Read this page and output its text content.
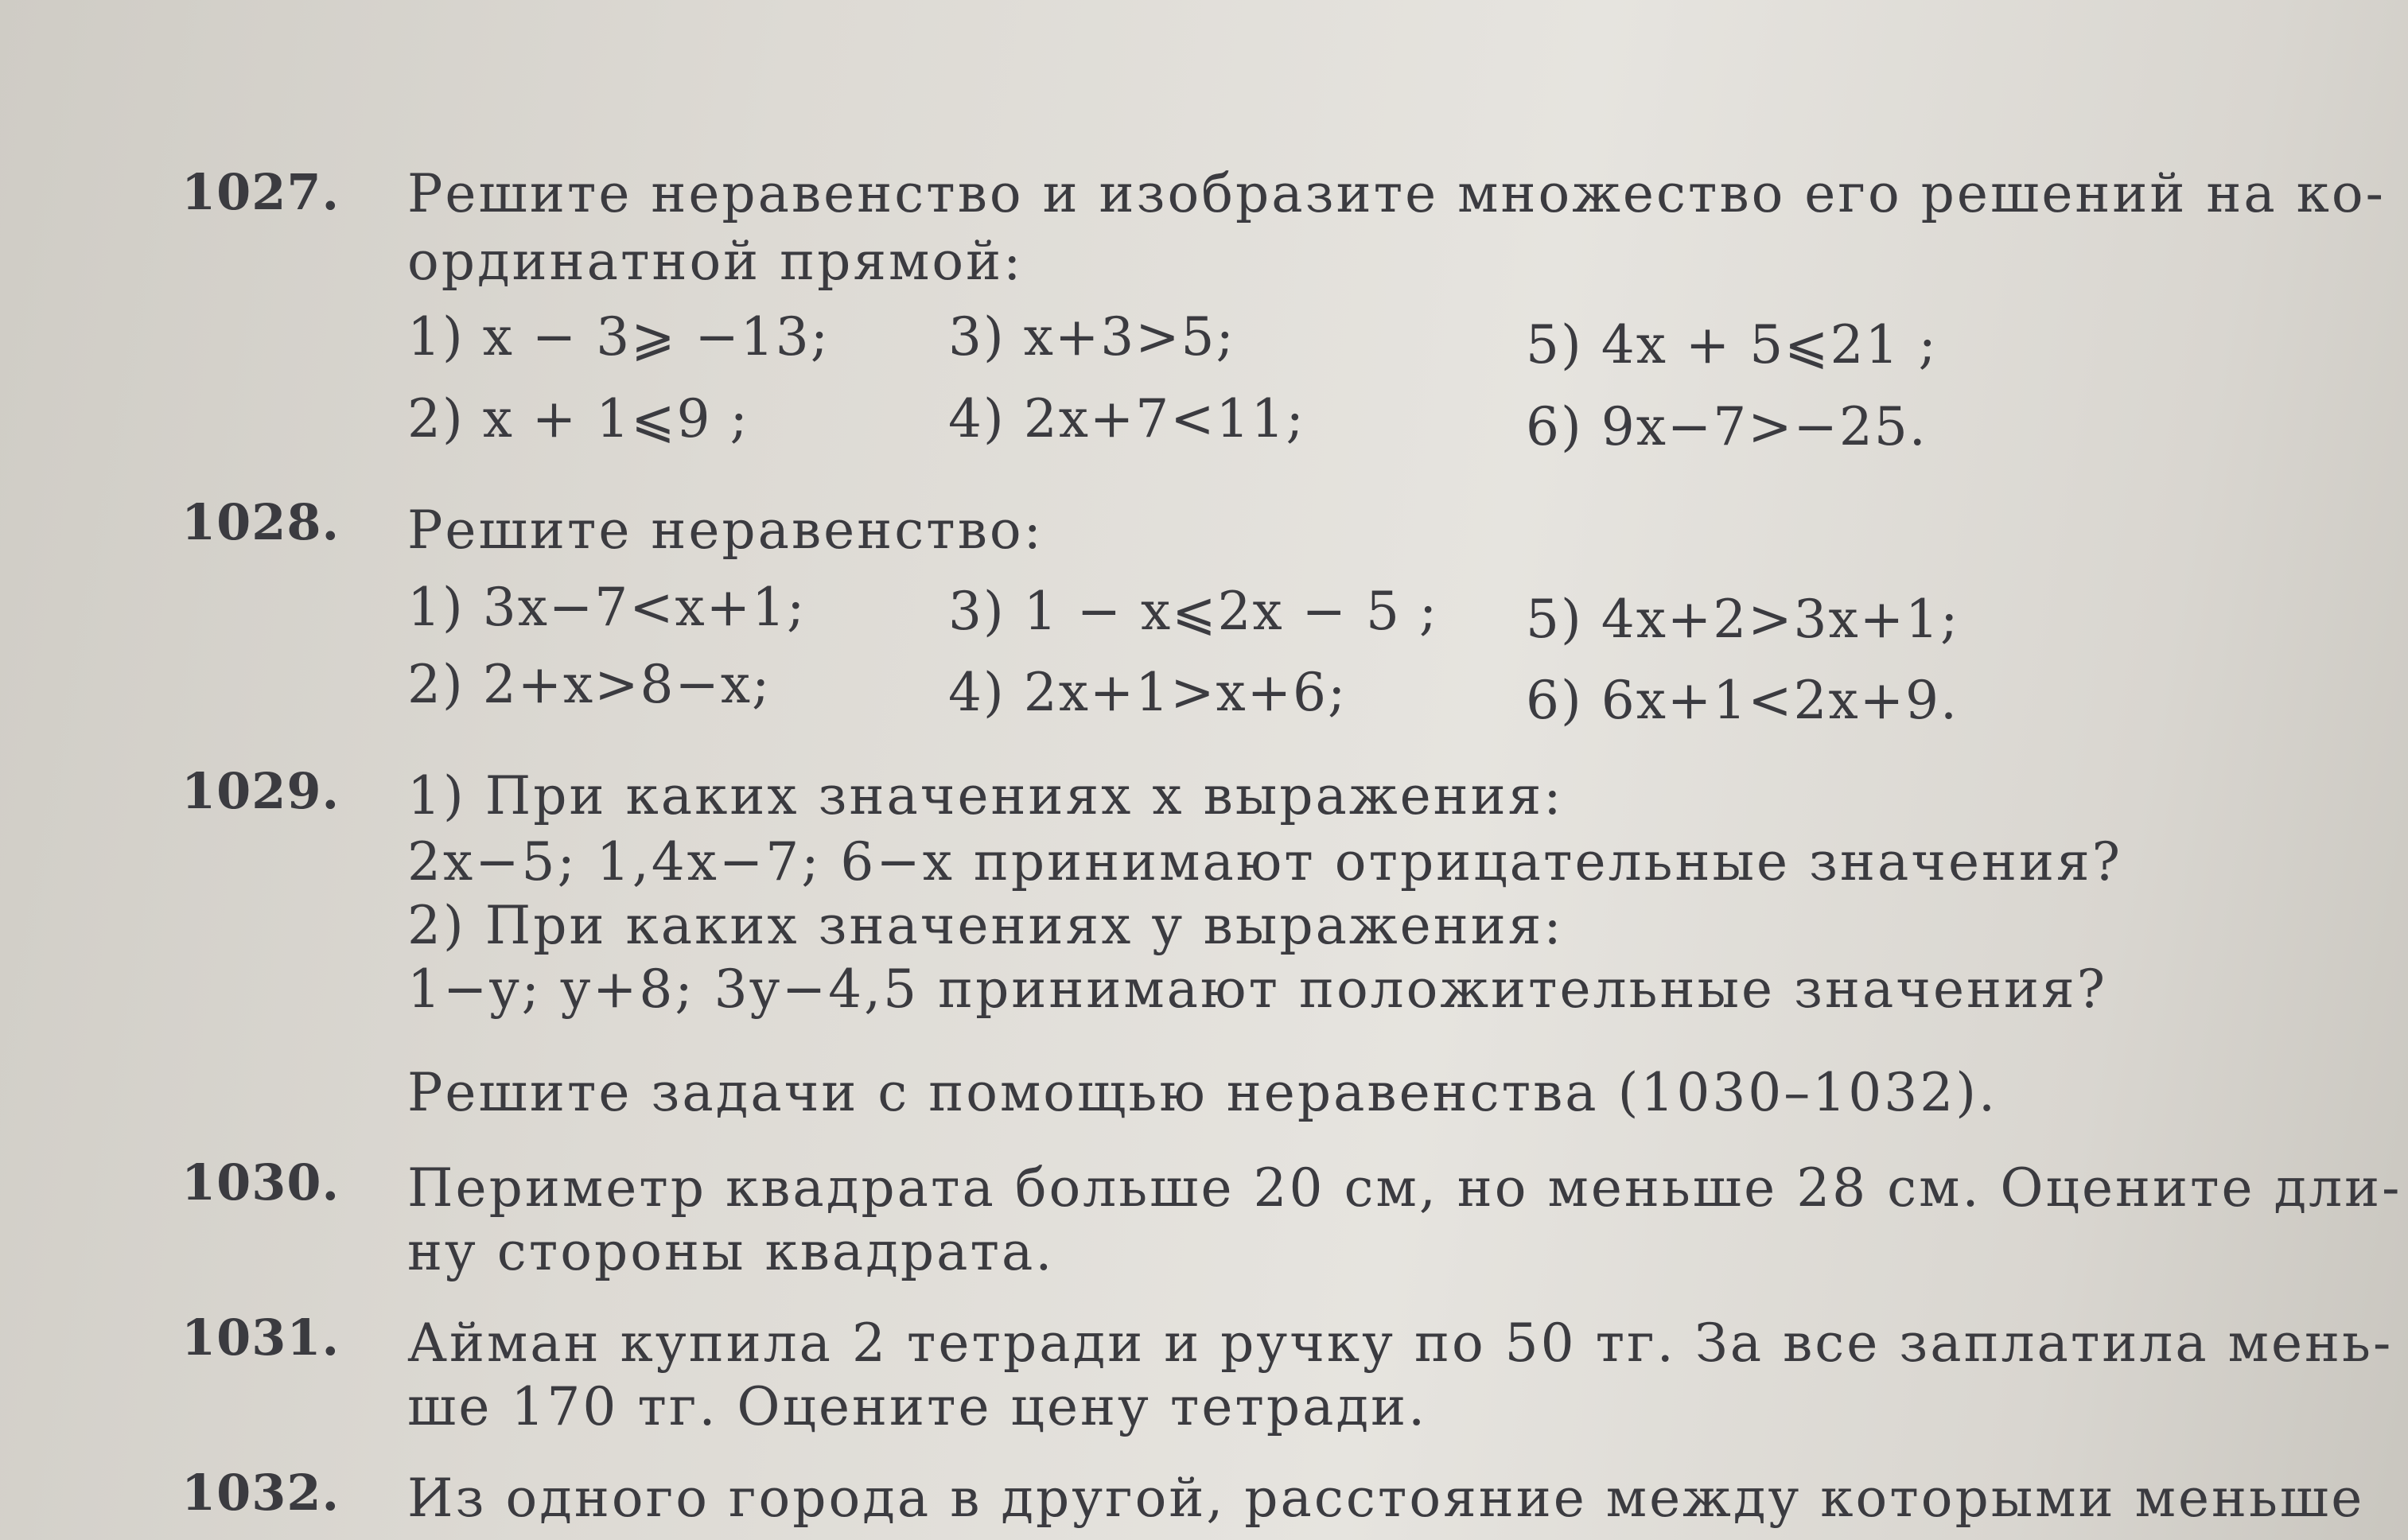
1027.	Решите неравенство и изобразите множество его решений на ко-
ординатной прямой:
1) x − 3⩾ −13; 3) x+3>5;	5) 4x + 5⩽21 ;
2) x + 1⩽9 ;	4) 2x+7<11;	6) 9x−7>−25.
1028.	Решите неравенство:
1) 3x−7<x+1;	3) 1 − x⩽2x − 5 ; 5) 4x+2>3x+1;
2) 2+x>8−x;	4) 2x+1>x+6;	6) 6x+1<2x+9.
1029.	1) При каких значениях x выражения:
2x−5; 1,4x−7; 6−x принимают отрицательные значения?
2) При каких значениях y выражения:
1−y; y+8; 3y−4,5 принимают положительные значения?
Решите задачи с помощью неравенства (1030–1032).
1030.	Периметр квадрата больше 20 см, но меньше 28 см. Оцените дли-
ну стороны квадрата.
1031.	Айман купила 2 тетради и ручку по 50 тг. За все заплатила мень-
ше 170 тг. Оцените цену тетради.
1032.	Из одного города в другой, расстояние между которыми меньше
